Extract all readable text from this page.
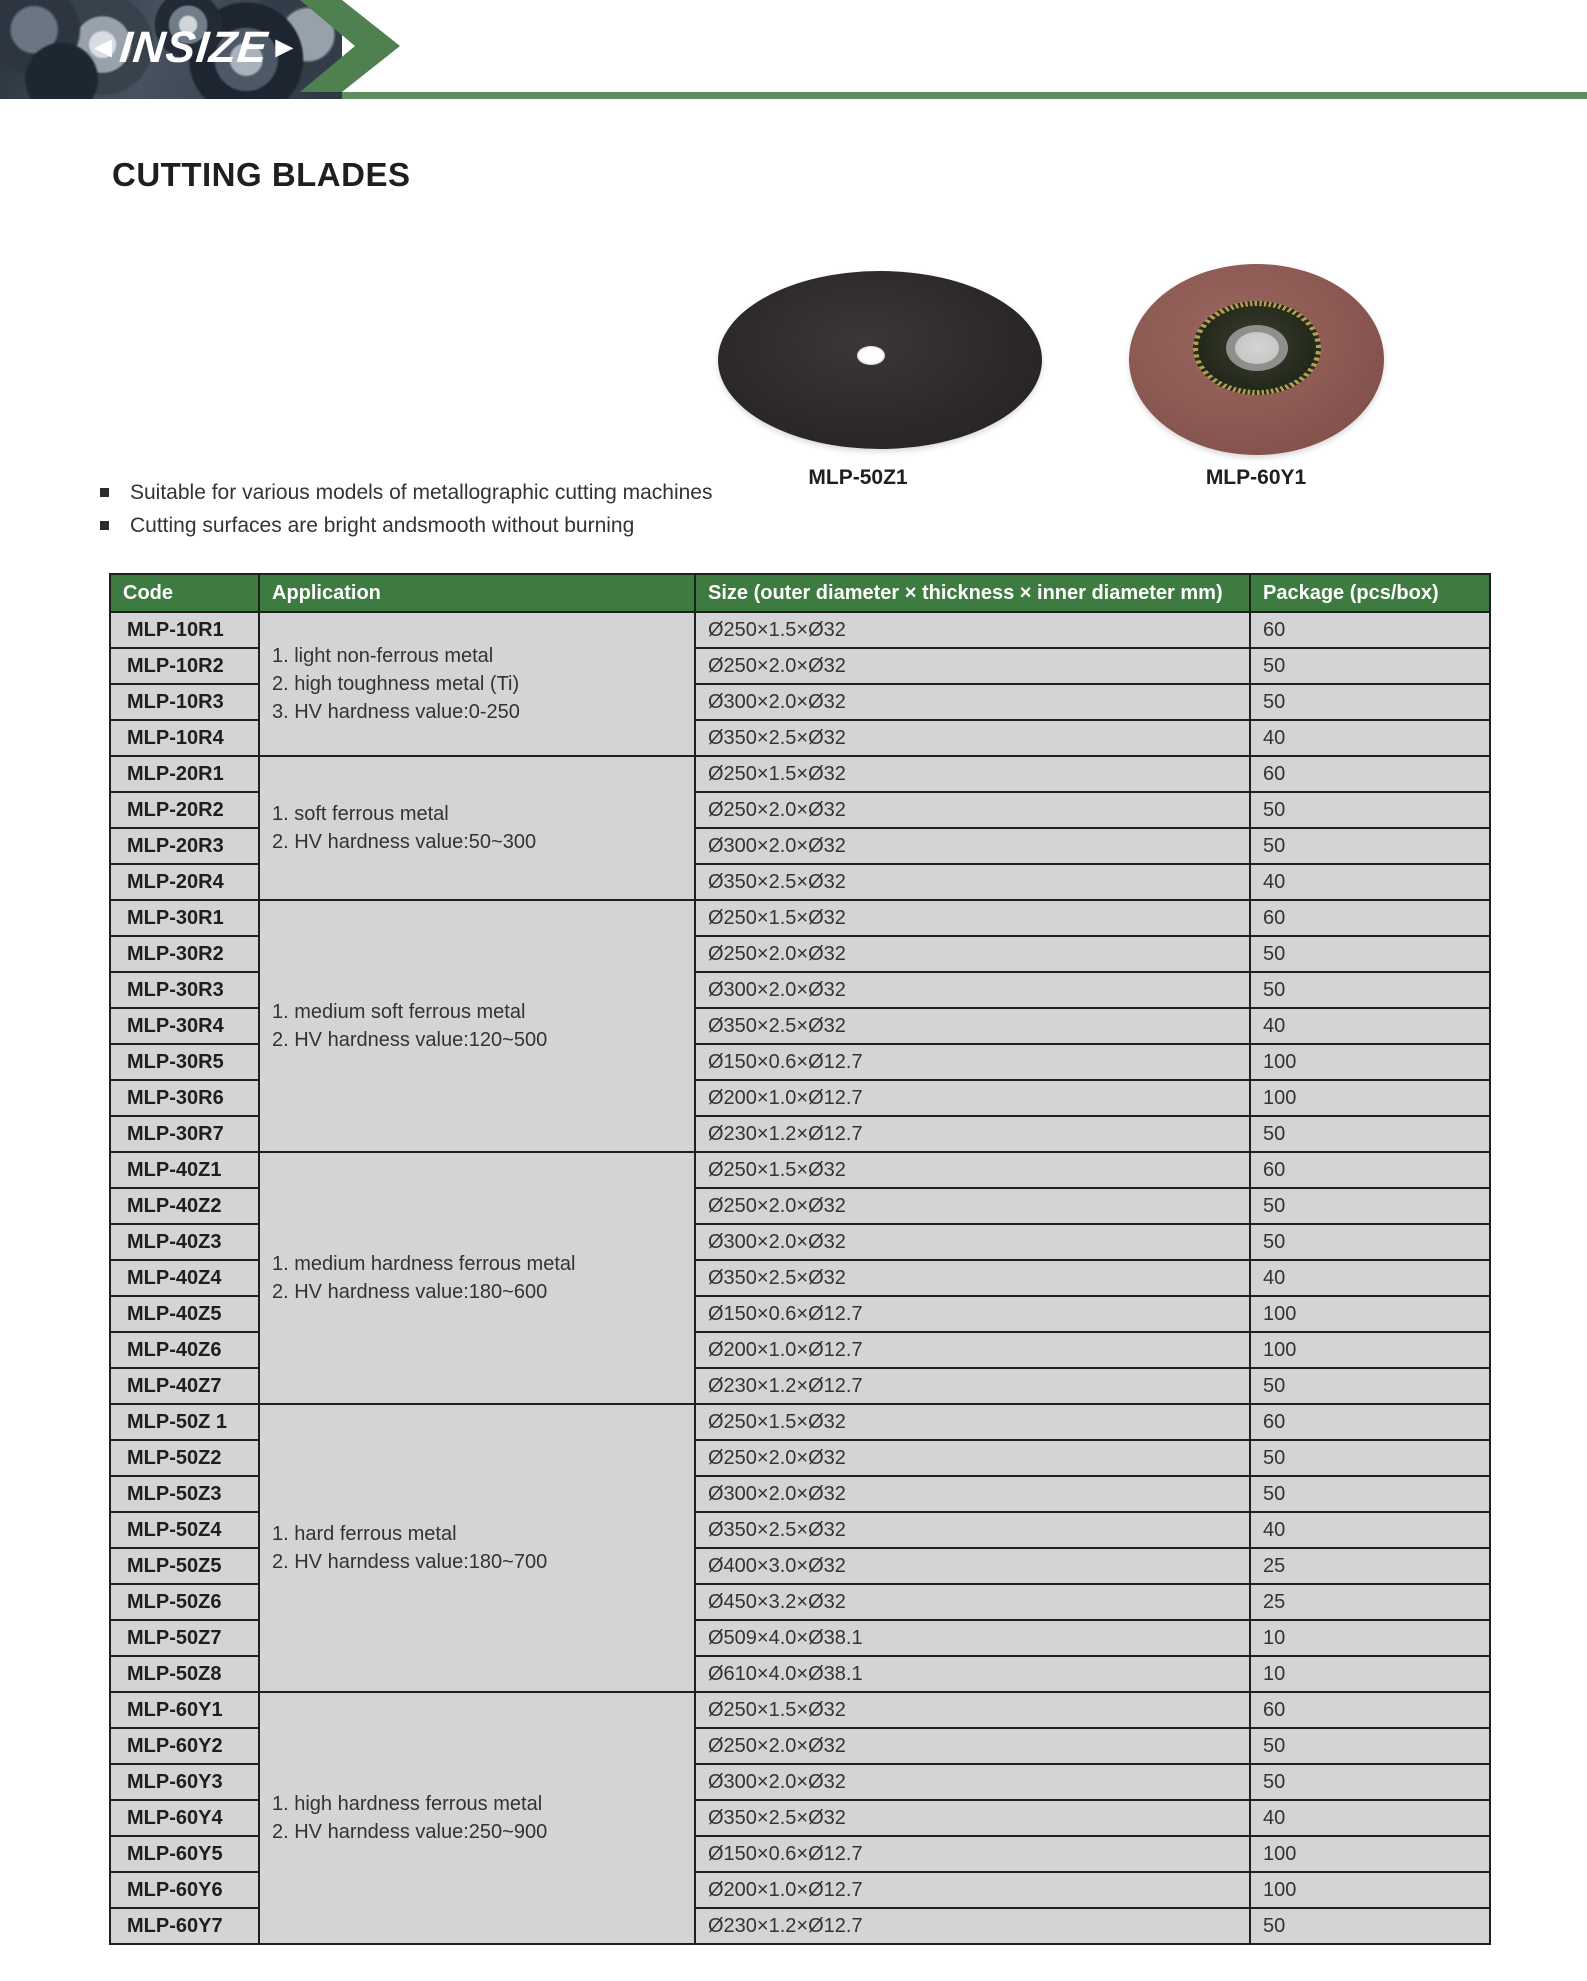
◄ INSIZE ►
CUTTING BLADES
MLP-50Z1	MLP-60Y1
Suitable for various models of metallographic cutting machines
Cutting surfaces are bright andsmooth without burning
Code	Application	Size (outer diameter × thickness × inner diameter mm)	Package (pcs/box)
MLP-10R1	1. light non-ferrous metal
2. high toughness metal (Ti)
3. HV hardness value:0-250	Ø250×1.5×Ø32	60
MLP-10R2		Ø250×2.0×Ø32	50
MLP-10R3		Ø300×2.0×Ø32	50
MLP-10R4		Ø350×2.5×Ø32	40
MLP-20R1	1. soft ferrous metal
2. HV hardness value:50~300	Ø250×1.5×Ø32	60
MLP-20R2		Ø250×2.0×Ø32	50
MLP-20R3		Ø300×2.0×Ø32	50
MLP-20R4		Ø350×2.5×Ø32	40
MLP-30R1	1. medium soft ferrous metal
2. HV hardness value:120~500	Ø250×1.5×Ø32	60
MLP-30R2		Ø250×2.0×Ø32	50
MLP-30R3		Ø300×2.0×Ø32	50
MLP-30R4		Ø350×2.5×Ø32	40
MLP-30R5		Ø150×0.6×Ø12.7	100
MLP-30R6		Ø200×1.0×Ø12.7	100
MLP-30R7		Ø230×1.2×Ø12.7	50
MLP-40Z1	1. medium hardness ferrous metal
2. HV hardness value:180~600	Ø250×1.5×Ø32	60
MLP-40Z2		Ø250×2.0×Ø32	50
MLP-40Z3		Ø300×2.0×Ø32	50
MLP-40Z4		Ø350×2.5×Ø32	40
MLP-40Z5		Ø150×0.6×Ø12.7	100
MLP-40Z6		Ø200×1.0×Ø12.7	100
MLP-40Z7		Ø230×1.2×Ø12.7	50
MLP-50Z 1	1. hard ferrous metal
2. HV harndess value:180~700	Ø250×1.5×Ø32	60
MLP-50Z2		Ø250×2.0×Ø32	50
MLP-50Z3		Ø300×2.0×Ø32	50
MLP-50Z4		Ø350×2.5×Ø32	40
MLP-50Z5		Ø400×3.0×Ø32	25
MLP-50Z6		Ø450×3.2×Ø32	25
MLP-50Z7		Ø509×4.0×Ø38.1	10
MLP-50Z8		Ø610×4.0×Ø38.1	10
MLP-60Y1	1. high hardness ferrous metal
2. HV harndess value:250~900	Ø250×1.5×Ø32	60
MLP-60Y2		Ø250×2.0×Ø32	50
MLP-60Y3		Ø300×2.0×Ø32	50
MLP-60Y4		Ø350×2.5×Ø32	40
MLP-60Y5		Ø150×0.6×Ø12.7	100
MLP-60Y6		Ø200×1.0×Ø12.7	100
MLP-60Y7		Ø230×1.2×Ø12.7	50
